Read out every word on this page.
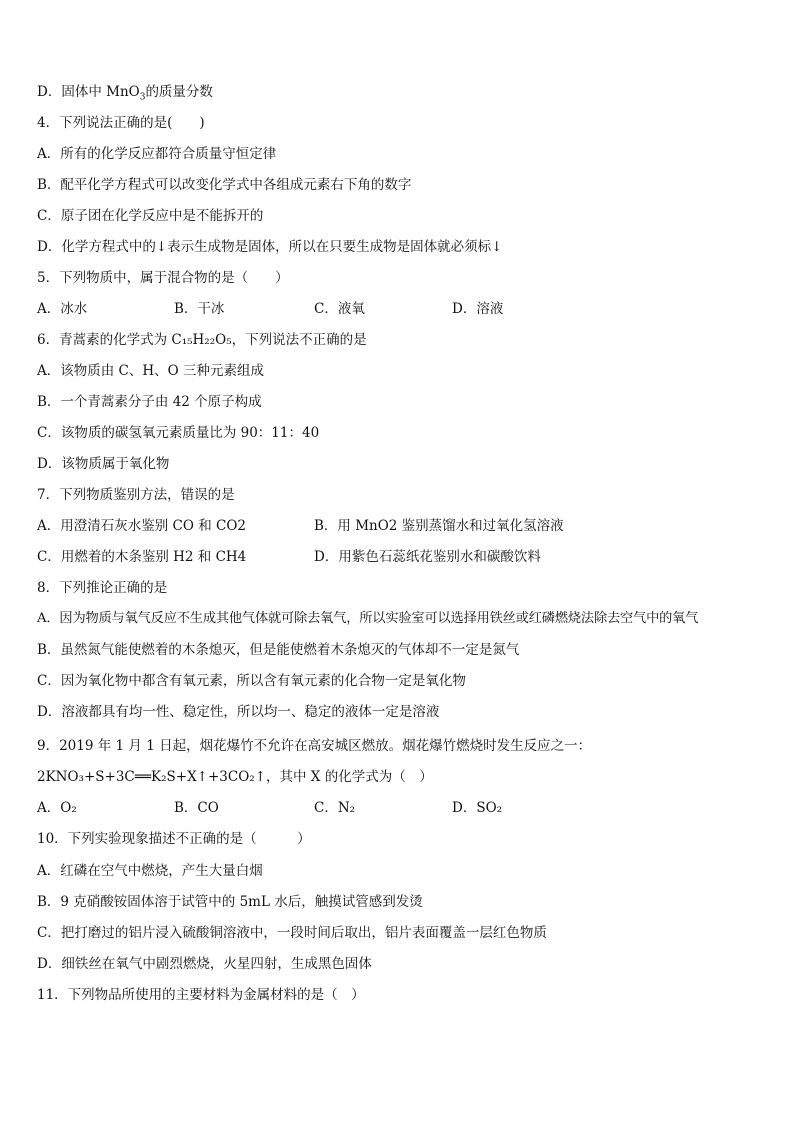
D．固体中 MnO$_3$的质量分数
4．下列说法正确的是(　　)
A．所有的化学反应都符合质量守恒定律
B．配平化学方程式可以改变化学式中各组成元素右下角的数字
C．原子团在化学反应中是不能拆开的
D．化学方程式中的↓表示生成物是固体，所以在只要生成物是固体就必须标↓
5．下列物质中，属于混合物的是（　　）
A．冰水	B．干冰	C．液氧	D．溶液
6．青蒿素的化学式为 C₁₅H₂₂O₅，下列说法不正确的是
A．该物质由 C、H、O 三种元素组成
B．一个青蒿素分子由 42 个原子构成
C．该物质的碳氢氧元素质量比为 90：11：40
D．该物质属于氧化物
7．下列物质鉴别方法，错误的是
A．用澄清石灰水鉴别 CO 和 CO2	B．用 MnO2 鉴别蒸馏水和过氧化氢溶液
C．用燃着的木条鉴别 H2 和 CH4	D．用紫色石蕊纸花鉴别水和碳酸饮料
8．下列推论正确的是
A．因为物质与氧气反应不生成其他气体就可除去氧气，所以实验室可以选择用铁丝或红磷燃烧法除去空气中的氧气
B．虽然氮气能使燃着的木条熄灭，但是能使燃着木条熄灭的气体却不一定是氮气
C．因为氧化物中都含有氧元素，所以含有氧元素的化合物一定是氧化物
D．溶液都具有均一性、稳定性，所以均一、稳定的液体一定是溶液
9．2019 年 1 月 1 日起，烟花爆竹不允许在高安城区燃放。烟花爆竹燃烧时发生反应之一：
2KNO₃+S+3C══K₂S+X↑+3CO₂↑，其中 X 的化学式为（　）
A．O₂	B．CO	C．N₂	D．SO₂
10．下列实验现象描述不正确的是（　　　）
A．红磷在空气中燃烧，产生大量白烟
B．9 克硝酸铵固体溶于试管中的 5mL 水后，触摸试管感到发烫
C．把打磨过的铝片浸入硫酸铜溶液中，一段时间后取出，铝片表面覆盖一层红色物质
D．细铁丝在氧气中剧烈燃烧，火星四射，生成黑色固体
11．下列物品所使用的主要材料为金属材料的是（　）
